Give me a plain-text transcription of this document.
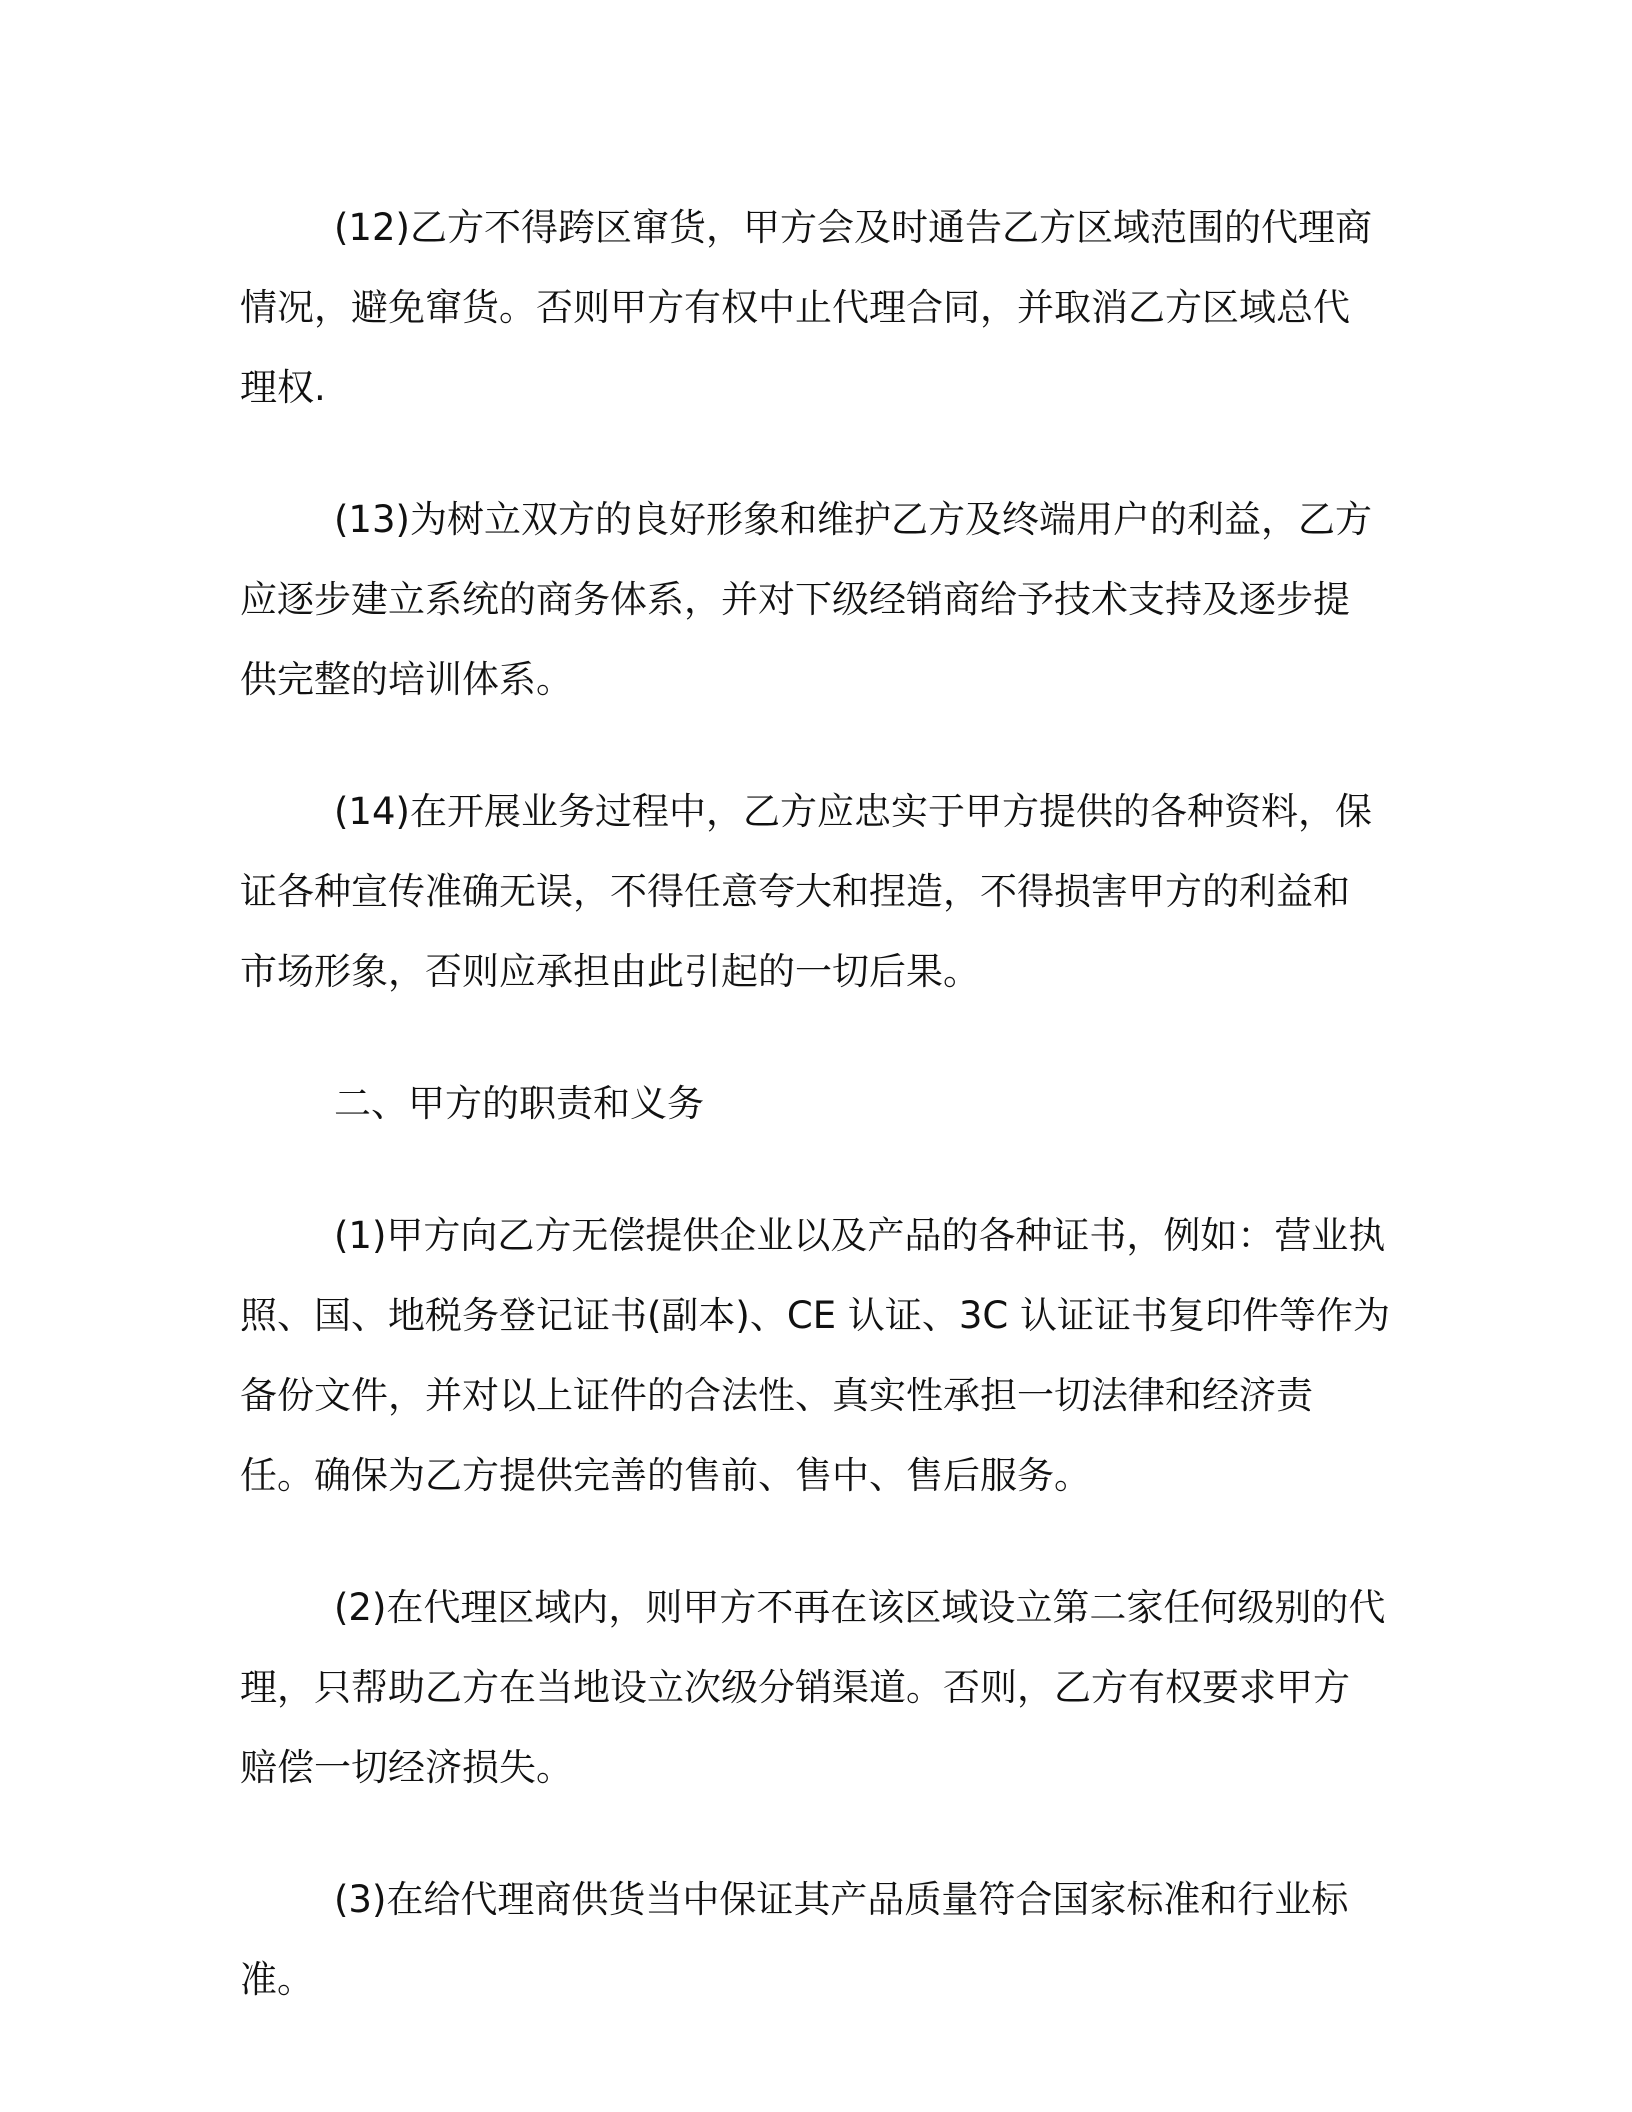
(12)乙方不得跨区窜货，甲方会及时通告乙方区域范围的代理商
情况，避免窜货。否则甲方有权中止代理合同，并取消乙方区域总代
理权.

(13)为树立双方的良好形象和维护乙方及终端用户的利益，乙方
应逐步建立系统的商务体系，并对下级经销商给予技术支持及逐步提
供完整的培训体系。

(14)在开展业务过程中，乙方应忠实于甲方提供的各种资料，保
证各种宣传准确无误，不得任意夸大和捏造，不得损害甲方的利益和
市场形象，否则应承担由此引起的一切后果。

二、甲方的职责和义务

(1)甲方向乙方无偿提供企业以及产品的各种证书，例如：营业执
照、国、地税务登记证书(副本)、CE 认证、3C 认证证书复印件等作为
备份文件，并对以上证件的合法性、真实性承担一切法律和经济责
任。确保为乙方提供完善的售前、售中、售后服务。

(2)在代理区域内，则甲方不再在该区域设立第二家任何级别的代
理，只帮助乙方在当地设立次级分销渠道。否则，乙方有权要求甲方
赔偿一切经济损失。

(3)在给代理商供货当中保证其产品质量符合国家标准和行业标
准。
